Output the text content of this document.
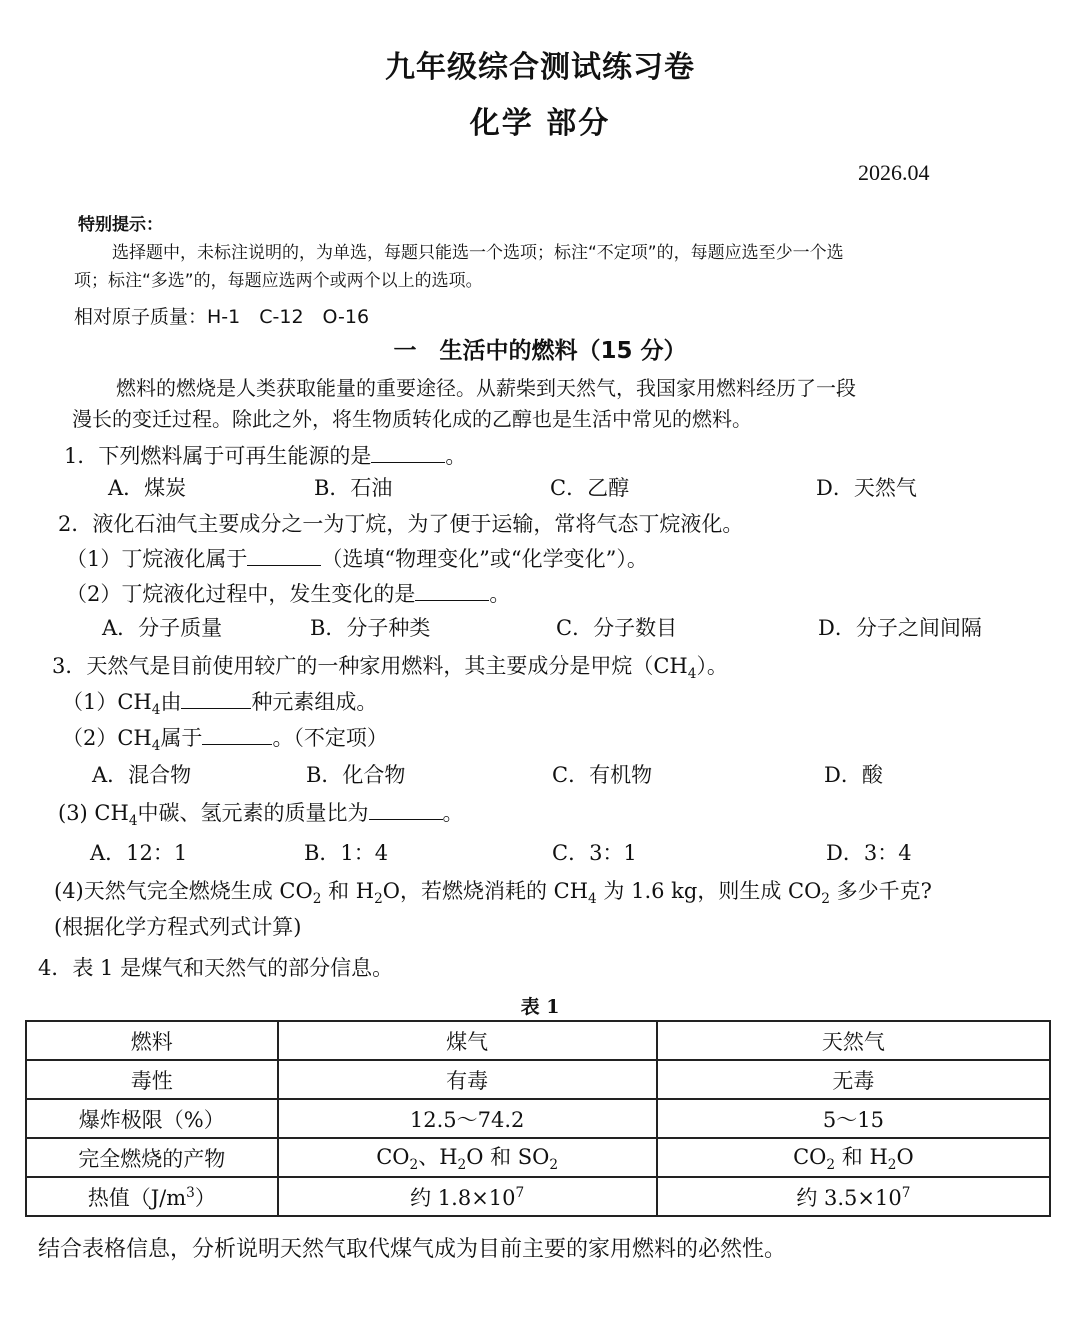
九年级综合测试练习卷
化学 部分
2026.04
特别提示：
选择题中，未标注说明的，为单选，每题只能选一个选项；标注“不定项”的，每题应选至少一个选
项；标注“多选”的，每题应选两个或两个以上的选项。
相对原子质量：H-1　C-12　O-16
一　生活中的燃料（15 分）
燃料的燃烧是人类获取能量的重要途径。从薪柴到天然气，我国家用燃料经历了一段
漫长的变迁过程。除此之外，将生物质转化成的乙醇也是生活中常见的燃料。
1．下列燃料属于可再生能源的是	。
A．煤炭	B．石油	C．乙醇	D．天然气
2．液化石油气主要成分之一为丁烷，为了便于运输，常将气态丁烷液化。
（1）丁烷液化属于	（选填“物理变化”或“化学变化”）。
（2）丁烷液化过程中，发生变化的是	。
A．分子质量	B．分子种类	C．分子数目	D．分子之间间隔
3．天然气是目前使用较广的一种家用燃料，其主要成分是甲烷$(CH_4)$。
$(1)CH_4$由	种元素组成。
$(2)CH_4$属于	。（不定项）
A．混合物	B．化合物	C．有机物	D．酸
(3) $CH_4$中碳、氢元素的质量比为	。
A．12：1	B．1：4	C．3：1	D．3：4
(4)天然气完全燃烧生成 $CO_2$ 和 $H_2O$，若燃烧消耗的 $CH_4$ 为 1.6 kg，则生成 $CO_2$ 多少千克?
(根据化学方程式列式计算)
4．表 1 是煤气和天然气的部分信息。
表 1
燃料	煤气	天然气
毒性	有毒	无毒
爆炸极限（%）	12.5～74.2	5～15
完全燃烧的产物	$CO_2$、$H_2O$ 和 $SO_2$	$CO_2$ 和 $H_2O$
热值$(J/m^3)$	约 $1.8\times 10^7$	约 $3.5\times 10^7$
结合表格信息，分析说明天然气取代煤气成为目前主要的家用燃料的必然性。
